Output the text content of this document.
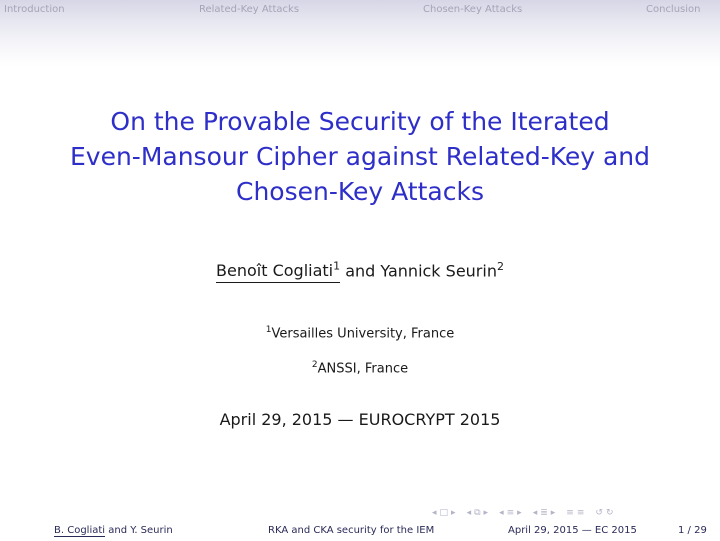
Introduction	Related-Key Attacks	Chosen-Key Attacks	Conclusion
On the Provable Security of the Iterated
Even-Mansour Cipher against Related-Key and
Chosen-Key Attacks
Benoît Cogliati$^1$ and Yannick Seurin$^2$
$^1$Versailles University, France
$^2$ANSSI, France
April 29, 2015 — EUROCRYPT 2015
◂ □ ▸ ◂ ⧉ ▸ ◂ ≡ ▸ ◂ ≣ ▸ ≡ ≡ ↺ ↻
B. Cogliati and Y. Seurin	RKA and CKA security for the IEM	April 29, 2015 — EC 2015	1 / 29
